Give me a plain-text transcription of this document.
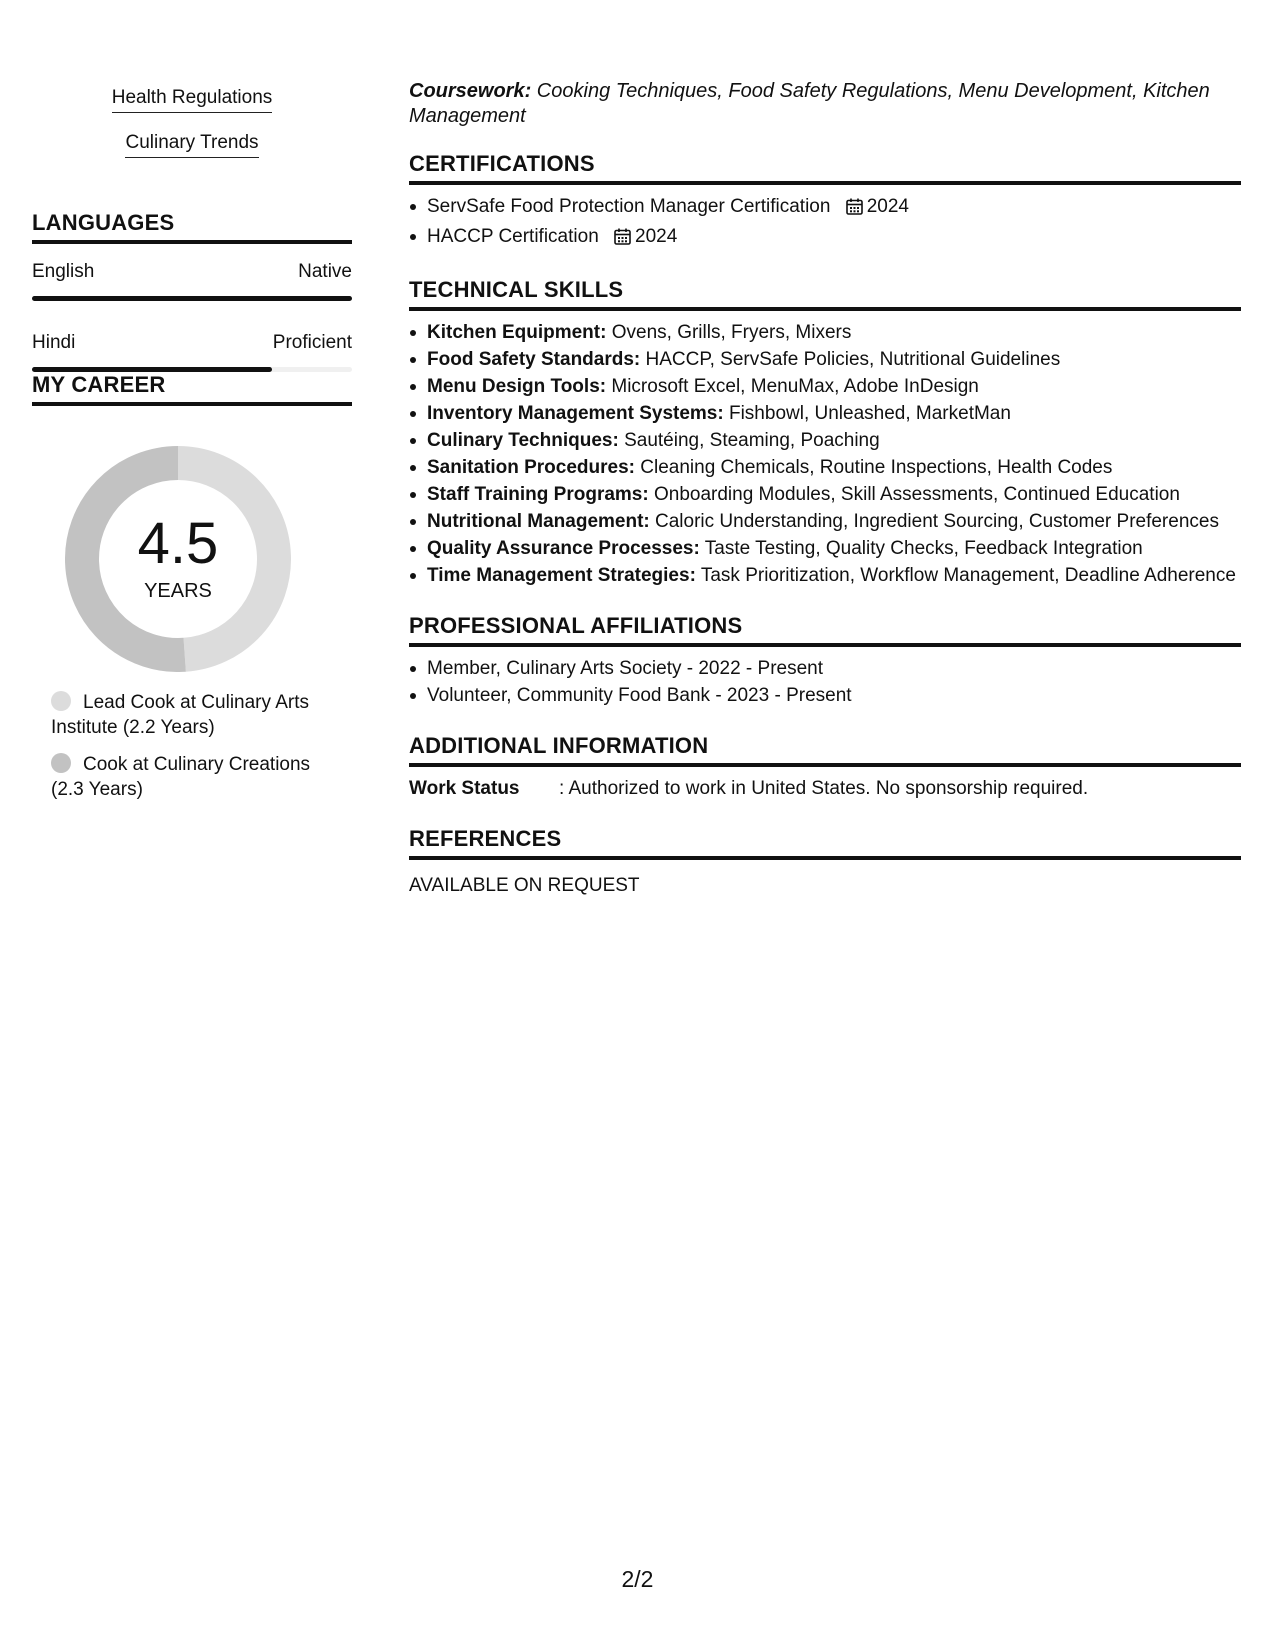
Health Regulations
Culinary Trends
LANGUAGES
English	Native
Hindi	Proficient
MY CAREER
4.5
YEARS
Lead Cook at Culinary Arts Institute (2.2 Years)
Cook at Culinary Creations (2.3 Years)
Coursework: Cooking Techniques, Food Safety Regulations, Menu Development, Kitchen Management
CERTIFICATIONS
ServSafe Food Protection Manager Certification 2024
HACCP Certification 2024
TECHNICAL SKILLS
Kitchen Equipment: Ovens, Grills, Fryers, Mixers
Food Safety Standards: HACCP, ServSafe Policies, Nutritional Guidelines
Menu Design Tools: Microsoft Excel, MenuMax, Adobe InDesign
Inventory Management Systems: Fishbowl, Unleashed, MarketMan
Culinary Techniques: Sautéing, Steaming, Poaching
Sanitation Procedures: Cleaning Chemicals, Routine Inspections, Health Codes
Staff Training Programs: Onboarding Modules, Skill Assessments, Continued Education
Nutritional Management: Caloric Understanding, Ingredient Sourcing, Customer Preferences
Quality Assurance Processes: Taste Testing, Quality Checks, Feedback Integration
Time Management Strategies: Task Prioritization, Workflow Management, Deadline Adherence
PROFESSIONAL AFFILIATIONS
Member, Culinary Arts Society - 2022 - Present
Volunteer, Community Food Bank - 2023 - Present
ADDITIONAL INFORMATION
Work Status	: Authorized to work in United States. No sponsorship required.
REFERENCES
AVAILABLE ON REQUEST
2/2
